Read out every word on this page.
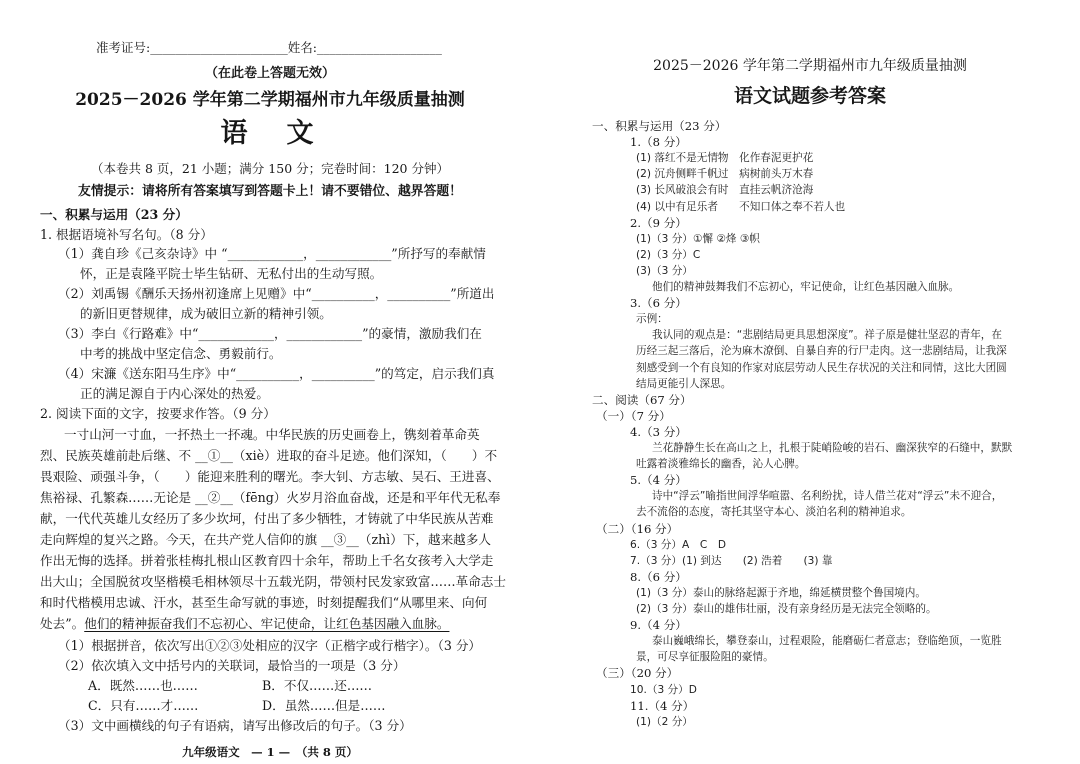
准考证号:______________________姓名:____________________
（在此卷上答题无效）
2025－2026 学年第二学期福州市九年级质量抽测
语　文
（本卷共 8 页，21 小题；满分 150 分；完卷时间：120 分钟）
友情提示：请将所有答案填写到答题卡上！请不要错位、越界答题！
一、积累与运用（23 分）
1. 根据语境补写名句。（8 分）
（1）龚自珍《己亥杂诗》中 “____________，____________”所抒写的奉献情
怀，正是袁隆平院士毕生钻研、无私付出的生动写照。
（2）刘禹锡《酬乐天扬州初逢席上见赠》中“__________，__________”所道出
的新旧更替规律，成为破旧立新的精神引领。
（3）李白《行路难》中“____________，____________”的豪情，激励我们在
中考的挑战中坚定信念、勇毅前行。
（4）宋濂《送东阳马生序》中“__________，__________”的笃定，启示我们真
正的满足源自于内心深处的热爱。
2. 阅读下面的文字，按要求作答。（9 分）
一寸山河一寸血，一抔热土一抔魂。中华民族的历史画卷上，镌刻着革命英
烈、民族英雄前赴后继、不 __①__（xiè）进取的奋斗足迹。他们深知，（　　）不
畏艰险、顽强斗争，（　　）能迎来胜利的曙光。李大钊、方志敏、吴石、王进喜、
焦裕禄、孔繁森……无论是 __②__（fēng）火岁月浴血奋战，还是和平年代无私奉
献，一代代英雄儿女经历了多少坎坷，付出了多少牺牲，才铸就了中华民族从苦难
走向辉煌的复兴之路。今天，在共产党人信仰的旗 __③__（zhì）下，越来越多人
作出无悔的选择。拼着张桂梅扎根山区教育四十余年，帮助上千名女孩考入大学走
出大山；全国脱贫攻坚楷模毛相林领尽十五载光阴，带领村民发家致富……革命志士
和时代楷模用忠诚、汗水，甚至生命写就的事迹，时刻提醒我们“从哪里来、向何
处去”。他们的精神振奋我们不忘初心、牢记使命，让红色基因融入血脉。
（1）根据拼音，依次写出①②③处相应的汉字（正楷字或行楷字）。（3 分）
（2）依次填入文中括号内的关联词，最恰当的一项是（3 分）
A．既然……也……	B．不仅……还……
C．只有……才……	D．虽然……但是……
（3）文中画横线的句子有语病，请写出修改后的句子。（3 分）
九年级语文　— 1 —　（共 8 页）
2025－2026 学年第二学期福州市九年级质量抽测
语文试题参考答案
一、积累与运用（23 分）
1.（8 分）
(1) 落红不是无情物　化作春泥更护花
(2) 沉舟侧畔千帆过　病树前头万木春
(3) 长风破浪会有时　直挂云帆济沧海
(4) 以中有足乐者　　不知口体之奉不若人也
2.（9 分）
(1)（3 分）①懈 ②烽 ③帜
(2)（3 分）C
(3)（3 分）
他们的精神鼓舞我们不忘初心，牢记使命，让红色基因融入血脉。
3.（6 分）
示例：
我认同的观点是：“悲剧结局更具思想深度”。祥子原是健壮坚忍的青年，在
历经三起三落后，沦为麻木潦倒、自暴自弃的行尸走肉。这一悲剧结局，让我深
刻感受到一个有良知的作家对底层劳动人民生存状况的关注和同情，这比大团圆
结局更能引人深思。
二、阅读（67 分）
（一）（7 分）
4.（3 分）
兰花静静生长在高山之上，扎根于陡峭险峻的岩石、幽深狭窄的石缝中，默默
吐露着淡雅绵长的幽香，沁人心脾。
5.（4 分）
诗中“浮云”喻指世间浮华喧嚣、名利纷扰，诗人借兰花对“浮云”未不迎合，
去不流俗的态度，寄托其坚守本心、淡泊名利的精神追求。
（二）（16 分）
6.（3 分）A　C　D
7.（3 分）(1) 到达　　(2) 浩着　　(3) 靠
8.（6 分）
(1)（3 分）泰山的脉络起源于齐地，绵延横贯整个鲁国境内。
(2)（3 分）泰山的雄伟壮丽，没有亲身经历是无法完全领略的。
9.（4 分）
泰山巍峨绵长，攀登泰山，过程艰险，能磨砺仁者意志；登临绝顶，一览胜
景，可尽享征服险阻的豪情。
（三）（20 分）
10.（3 分）D
11.（4 分）
(1)（2 分）
